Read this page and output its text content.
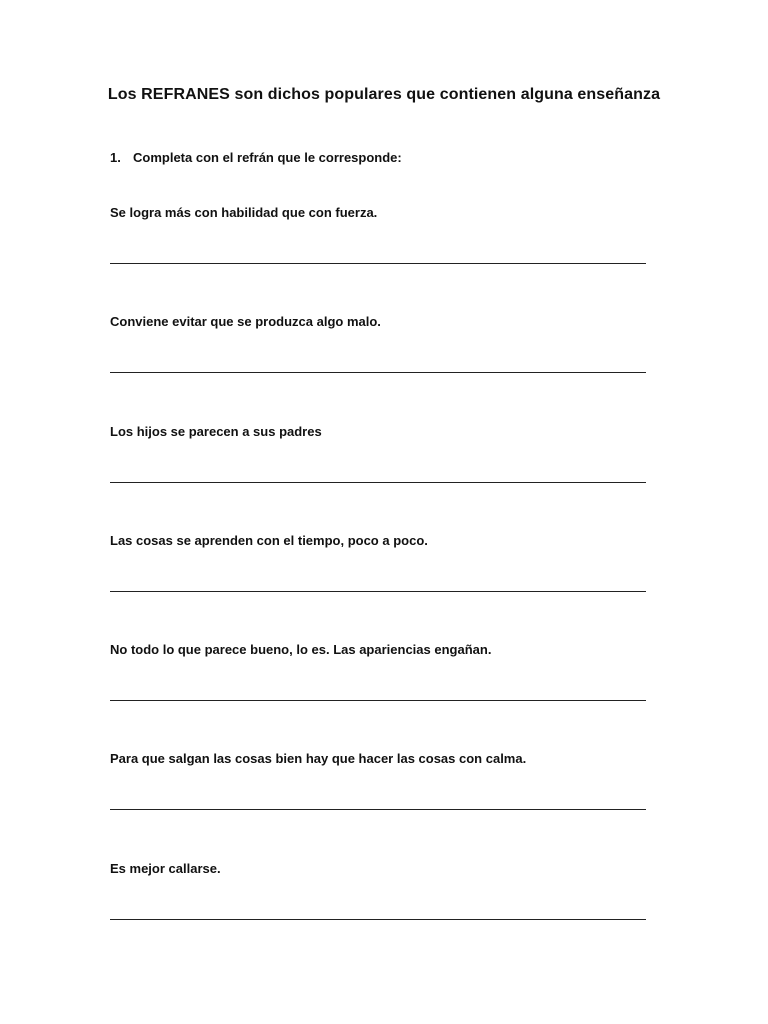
Los REFRANES son dichos populares que contienen alguna enseñanza
1. Completa con el refrán que le corresponde:
Se logra más con habilidad que con fuerza.
Conviene evitar que se produzca algo malo.
Los hijos se parecen a sus padres
Las cosas se aprenden con el tiempo, poco a poco.
No todo lo que parece bueno, lo es. Las apariencias engañan.
Para que salgan las cosas bien hay que hacer las cosas con calma.
Es mejor callarse.
